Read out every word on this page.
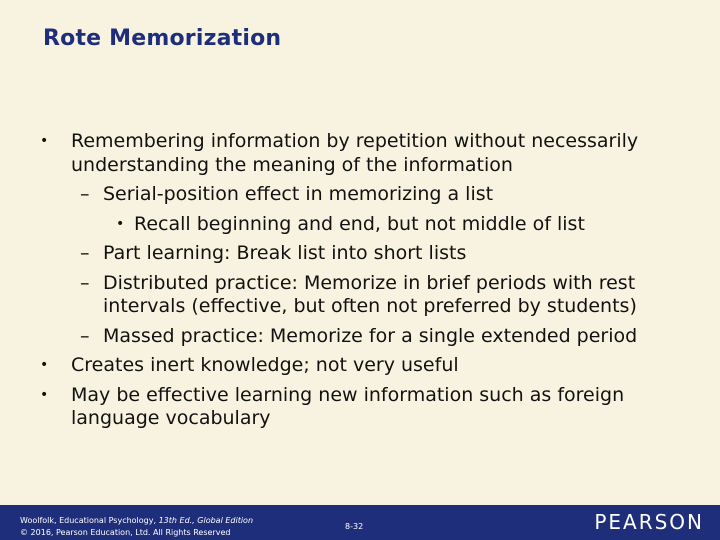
Rote Memorization
• Remembering information by repetition without necessarily understanding the meaning of the information
– Serial-position effect in memorizing a list
• Recall beginning and end, but not middle of list
– Part learning: Break list into short lists
– Distributed practice: Memorize in brief periods with rest intervals (effective, but often not preferred by students)
– Massed practice: Memorize for a single extended period
• Creates inert knowledge; not very useful
• May be effective learning new information such as foreign language vocabulary
Woolfolk, Educational Psychology, 13th Ed., Global Edition
© 2016, Pearson Education, Ltd. All Rights Reserved
8-32	PEARSON
